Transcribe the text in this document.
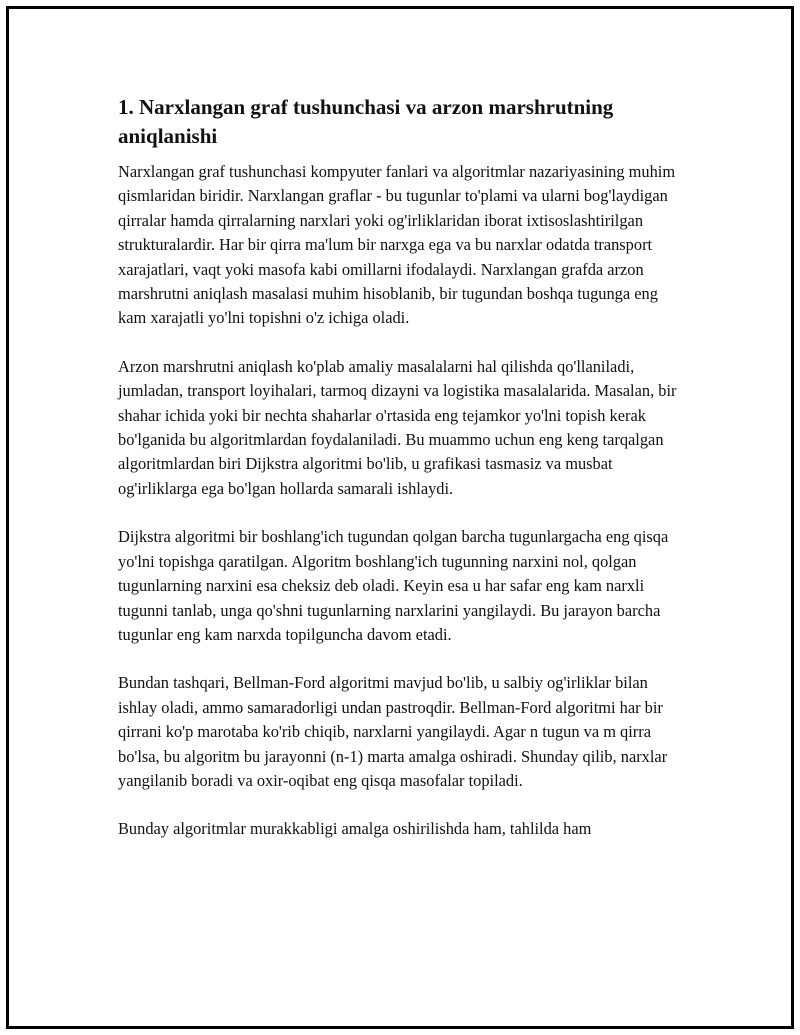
1. Narxlangan graf tushunchasi va arzon marshrutning aniqlanishi

Narxlangan graf tushunchasi kompyuter fanlari va algoritmlar nazariyasining muhim qismlaridan biridir. Narxlangan graflar - bu tugunlar to'plami va ularni bog'laydigan qirralar hamda qirralarning narxlari yoki og'irliklaridan iborat ixtisoslashtirilgan strukturalardir. Har bir qirra ma'lum bir narxga ega va bu narxlar odatda transport xarajatlari, vaqt yoki masofa kabi omillarni ifodalaydi. Narxlangan grafda arzon marshrutni aniqlash masalasi muhim hisoblanib, bir tugundan boshqa tugunga eng kam xarajatli yo'lni topishni o'z ichiga oladi.

Arzon marshrutni aniqlash ko'plab amaliy masalalarni hal qilishda qo'llaniladi, jumladan, transport loyihalari, tarmoq dizayni va logistika masalalarida. Masalan, bir shahar ichida yoki bir nechta shaharlar o'rtasida eng tejamkor yo'lni topish kerak bo'lganida bu algoritmlardan foydalaniladi. Bu muammo uchun eng keng tarqalgan algoritmlardan biri Dijkstra algoritmi bo'lib, u grafikasi tasmasiz va musbat og'irliklarga ega bo'lgan hollarda samarali ishlaydi.

Dijkstra algoritmi bir boshlang'ich tugundan qolgan barcha tugunlargacha eng qisqa yo'lni topishga qaratilgan. Algoritm boshlang'ich tugunning narxini nol, qolgan tugunlarning narxini esa cheksiz deb oladi. Keyin esa u har safar eng kam narxli tugunni tanlab, unga qo'shni tugunlarning narxlarini yangilaydi. Bu jarayon barcha tugunlar eng kam narxda topilguncha davom etadi.

Bundan tashqari, Bellman-Ford algoritmi mavjud bo'lib, u salbiy og'irliklar bilan ishlay oladi, ammo samaradorligi undan pastroqdir. Bellman-Ford algoritmi har bir qirrani ko'p marotaba ko'rib chiqib, narxlarni yangilaydi. Agar n tugun va m qirra bo'lsa, bu algoritm bu jarayonni (n-1) marta amalga oshiradi. Shunday qilib, narxlar yangilanib boradi va oxir-oqibat eng qisqa masofalar topiladi.

Bunday algoritmlar murakkabligi amalga oshirilishda ham, tahlilda ham
